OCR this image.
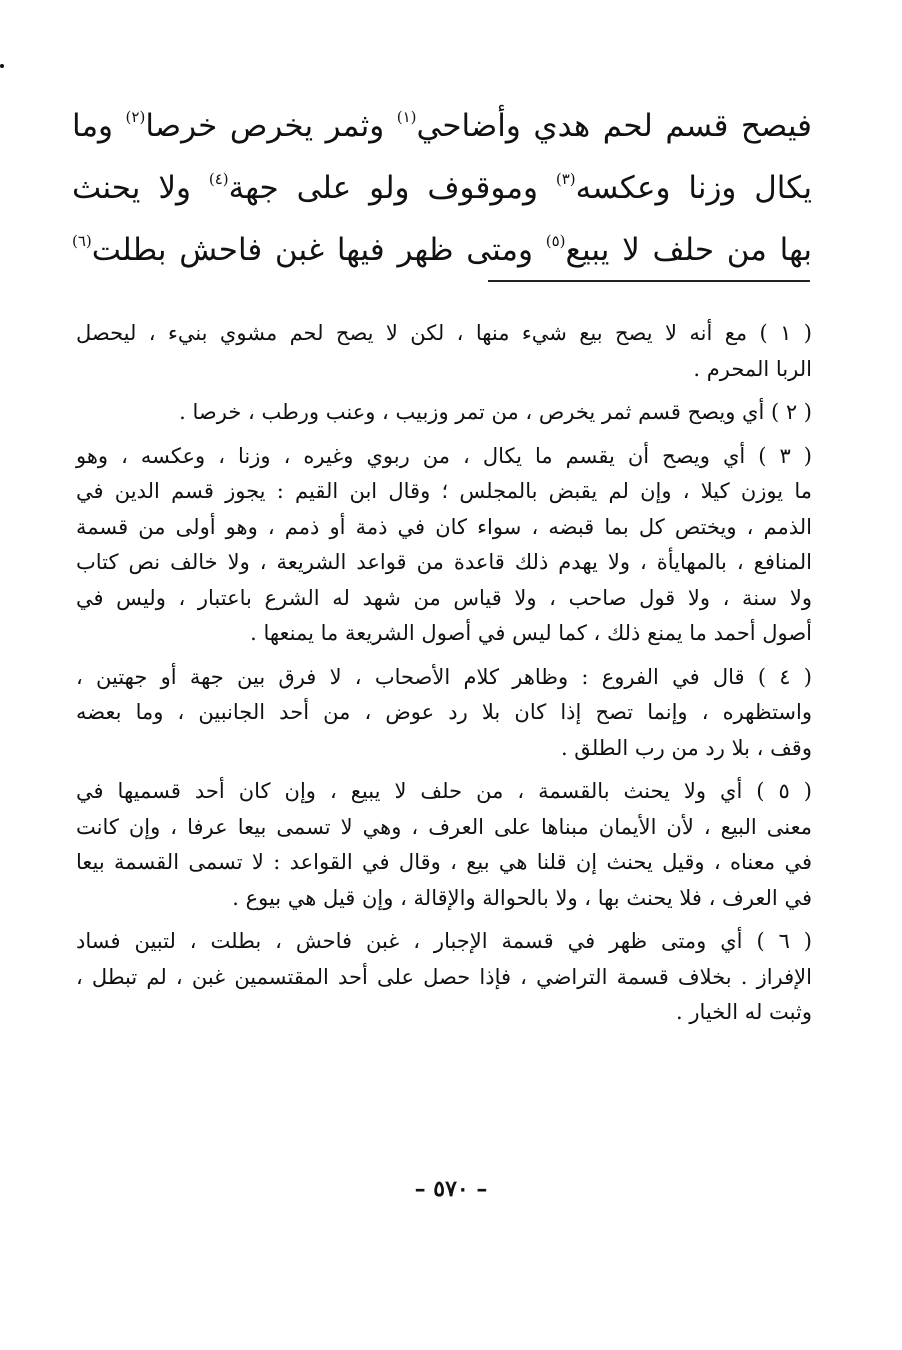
فيصح قسم لحم هدي وأضاحي$^{(١)}$ وثمر يخرص خرصا$^{(٢)}$ وما
يكال وزنا وعكسه$^{(٣)}$ وموقوف ولو على جهة$^{(٤)}$ ولا يحنث
بها من حلف لا يبيع$^{(٥)}$ ومتى ظهر فيها غبن فاحش بطلت$^{(٦)}$
( ١ ) مع أنه لا يصح بيع شيء منها ، لكن لا يصح لحم مشوي بنيء ، ليحصل
الربا المحرم .
( ٢ ) أي ويصح قسم ثمر يخرص ، من تمر وزبيب ، وعنب ورطب ، خرصا .
( ٣ ) أي ويصح أن يقسم ما يكال ، من ربوي وغيره ، وزنا ، وعكسه ، وهو
ما يوزن كيلا ، وإن لم يقبض بالمجلس ؛ وقال ابن القيم : يجوز قسم الدين في
الذمم ، ويختص كل بما قبضه ، سواء كان في ذمة أو ذمم ، وهو أولى من قسمة
المنافع ، بالمهايأة ، ولا يهدم ذلك قاعدة من قواعد الشريعة ، ولا خالف نص كتاب
ولا سنة ، ولا قول صاحب ، ولا قياس من شهد له الشرع باعتبار ، وليس في
أصول أحمد ما يمنع ذلك ، كما ليس في أصول الشريعة ما يمنعها .
( ٤ ) قال في الفروع : وظاهر كلام الأصحاب ، لا فرق بين جهة أو جهتين ،
واستظهره ، وإنما تصح إذا كان بلا رد عوض ، من أحد الجانبين ، وما بعضه
وقف ، بلا رد من رب الطلق .
( ٥ ) أي ولا يحنث بالقسمة ، من حلف لا يبيع ، وإن كان أحد قسميها في
معنى البيع ، لأن الأيمان مبناها على العرف ، وهي لا تسمى بيعا عرفا ، وإن كانت
في معناه ، وقيل يحنث إن قلنا هي بيع ، وقال في القواعد : لا تسمى القسمة بيعا
في العرف ، فلا يحنث بها ، ولا بالحوالة والإقالة ، وإن قيل هي بيوع .
( ٦ ) أي ومتى ظهر في قسمة الإجبار ، غبن فاحش ، بطلت ، لتبين فساد
الإفراز . بخلاف قسمة التراضي ، فإذا حصل على أحد المقتسمين غبن ، لم تبطل ،
وثبت له الخيار .
– ٥٧٠ –
